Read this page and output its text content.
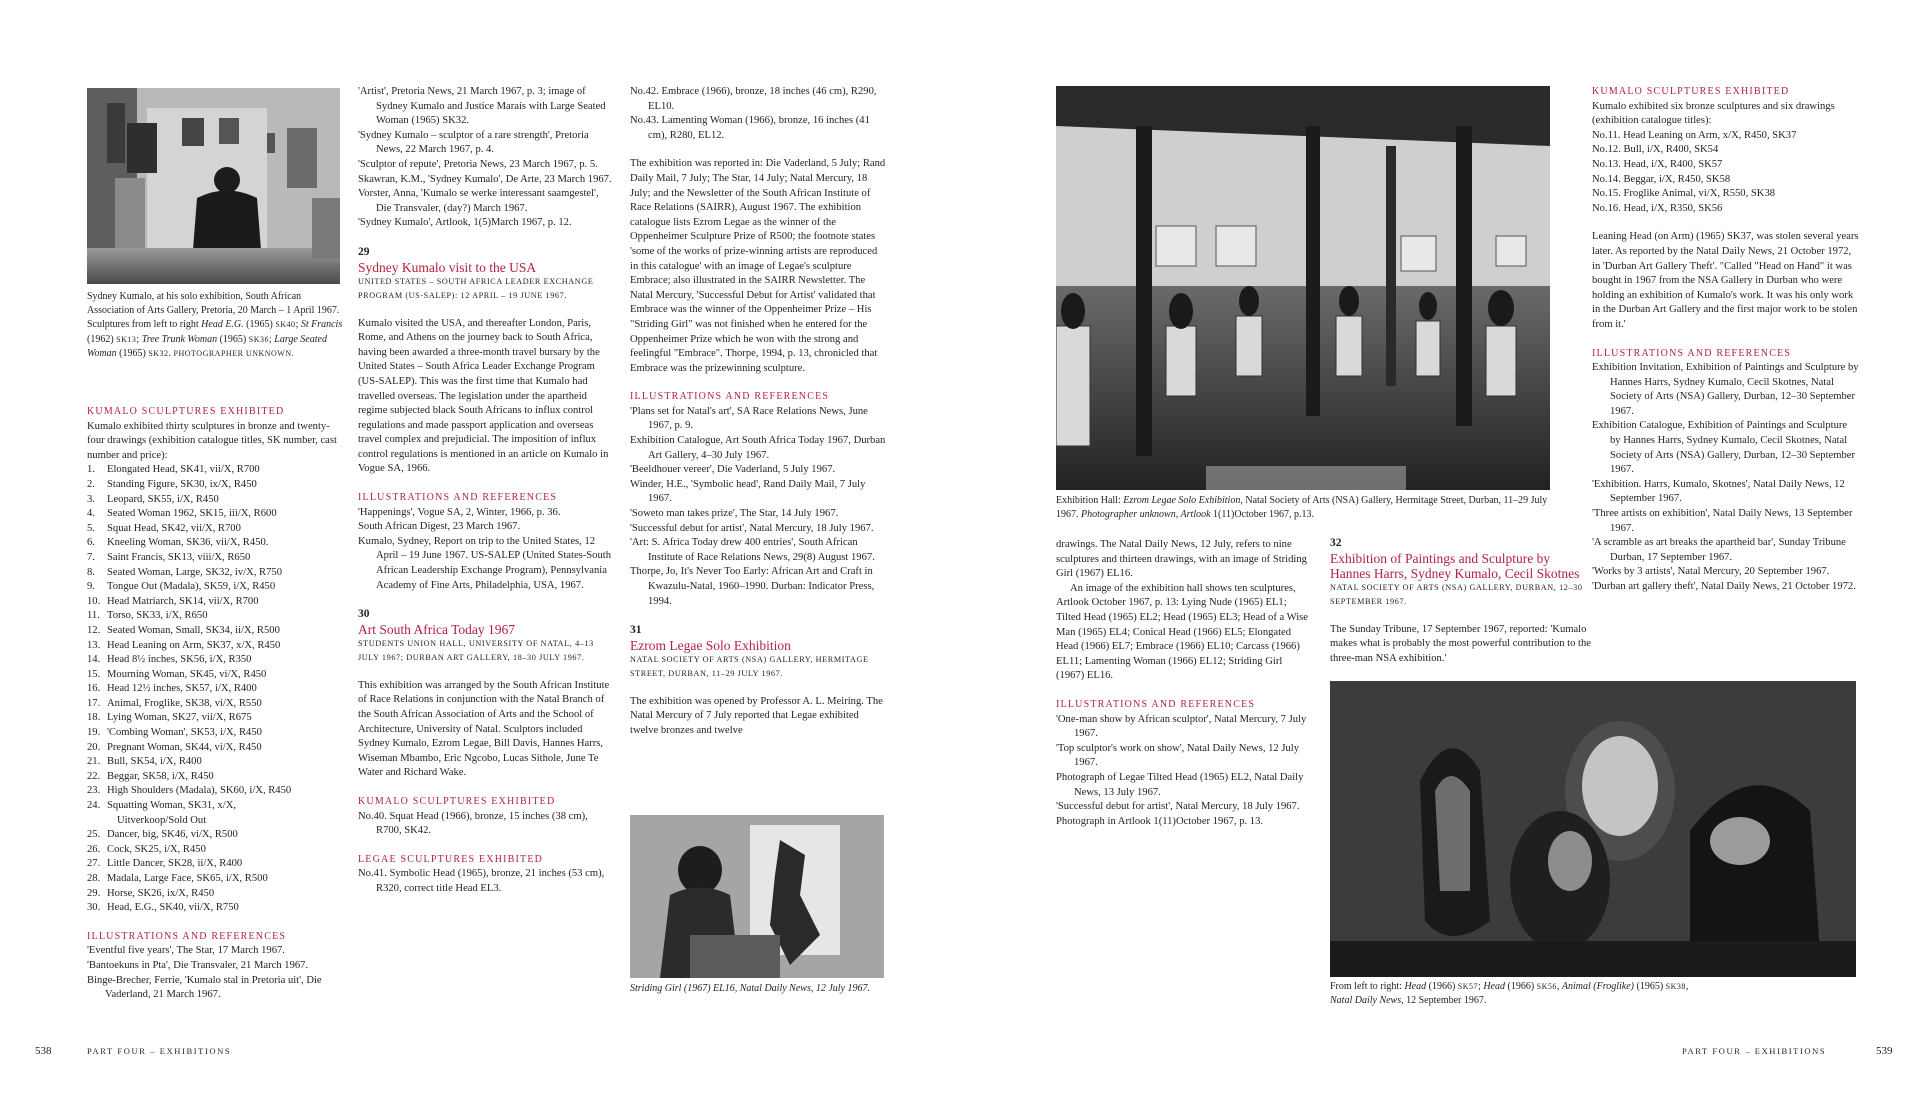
Sydney Kumalo, at his solo exhibition, South African Association of Arts Gallery, Pretoria, 20 March – 1 April 1967. Sculptures from left to right Head E.G. (1965) SK40; St Francis (1962) SK13; Tree Trunk Woman (1965) SK36; Large Seated Woman (1965) SK32. PHOTOGRAPHER UNKNOWN.

KUMALO SCULPTURES EXHIBITED

Kumalo exhibited thirty sculptures in bronze and twenty-four drawings (exhibition catalogue titles, SK number, cast number and price):

1.	Elongated Head, SK41, vii/X, R700
2.	Standing Figure, SK30, ix/X, R450
3.	Leopard, SK55, i/X, R450
4.	Seated Woman 1962, SK15, iii/X, R600
5.	Squat Head, SK42, vii/X, R700
6.	Kneeling Woman, SK36, vii/X, R450.
7.	Saint Francis, SK13, viii/X, R650
8.	Seated Woman, Large, SK32, iv/X, R750
9.	Tongue Out (Madala), SK59, i/X, R450
10. Head Matriarch, SK14, vii/X, R700
11. Torso, SK33, i/X, R650
12. Seated Woman, Small, SK34, ii/X, R500
13. Head Leaning on Arm, SK37, x/X, R450
14. Head 8½ inches, SK56, i/X, R350
15. Mourning Woman, SK45, vi/X, R450
16. Head 12½ inches, SK57, i/X, R400
17. Animal, Froglike, SK38, vi/X, R550
18. Lying Woman, SK27, vii/X, R675
19. 'Combing Woman', SK53, i/X, R450
20. Pregnant Woman, SK44, vi/X, R450
21. Bull, SK54, i/X, R400
22. Beggar, SK58, i/X, R450
23. High Shoulders (Madala), SK60, i/X, R450
24. Squatting Woman, SK31, x/X,
Uitverkoop/Sold Out
25. Dancer, big, SK46, vi/X, R500
26. Cock, SK25, i/X, R450
27. Little Dancer, SK28, ii/X, R400
28. Madala, Large Face, SK65, i/X, R500
29. Horse, SK26, ix/X, R450
30. Head, E.G., SK40, vii/X, R750

ILLUSTRATIONS AND REFERENCES

'Eventful five years', The Star, 17 March 1967.

'Bantoekuns in Pta', Die Transvaler, 21 March 1967.

Binge-Brecher, Ferrie, 'Kumalo stal in Pretoria uit', Die Vaderland, 21 March 1967.

'Artist', Pretoria News, 21 March 1967, p. 3; image of Sydney Kumalo and Justice Marais with Large Seated Woman (1965) SK32.

'Sydney Kumalo – sculptor of a rare strength', Pretoria News, 22 March 1967, p. 4.

'Sculptor of repute', Pretoria News, 23 March 1967, p. 5.

Skawran, K.M., 'Sydney Kumalo', De Arte, 23 March 1967.

Vorster, Anna, 'Kumalo se werke interessant saamgestel', Die Transvaler, (day?) March 1967.

'Sydney Kumalo', Artlook, 1(5)March 1967, p. 12.

29

Sydney Kumalo visit to the USA

UNITED STATES – SOUTH AFRICA LEADER EXCHANGE PROGRAM (US-SALEP): 12 APRIL – 19 JUNE 1967.

Kumalo visited the USA, and thereafter London, Paris, Rome, and Athens on the journey back to South Africa, having been awarded a three-month travel bursary by the United States – South Africa Leader Exchange Program (US-SALEP). This was the first time that Kumalo had travelled overseas. The legislation under the apartheid regime subjected black South Africans to influx control regulations and made passport application and overseas travel complex and prejudicial. The imposition of influx control regulations is mentioned in an article on Kumalo in Vogue SA, 1966.

ILLUSTRATIONS AND REFERENCES

'Happenings', Vogue SA, 2, Winter, 1966, p. 36.

South African Digest, 23 March 1967.

Kumalo, Sydney, Report on trip to the United States, 12 April – 19 June 1967. US-SALEP (United States-South African Leadership Exchange Program), Pennsylvania Academy of Fine Arts, Philadelphia, USA, 1967.

30

Art South Africa Today 1967

STUDENTS UNION HALL, UNIVERSITY OF NATAL, 4–13 JULY 1967; DURBAN ART GALLERY, 18–30 JULY 1967.

This exhibition was arranged by the South African Institute of Race Relations in conjunction with the Natal Branch of the South African Association of Arts and the School of Architecture, University of Natal. Sculptors included Sydney Kumalo, Ezrom Legae, Bill Davis, Hannes Harrs, Wiseman Mbambo, Eric Ngcobo, Lucas Sithole, June Te Water and Richard Wake.

KUMALO SCULPTURES EXHIBITED

No.40. Squat Head (1966), bronze, 15 inches (38 cm), R700, SK42.

LEGAE SCULPTURES EXHIBITED

No.41. Symbolic Head (1965), bronze, 21 inches (53 cm), R320, correct title Head EL3.

No.42. Embrace (1966), bronze, 18 inches (46 cm), R290, EL10.

No.43. Lamenting Woman (1966), bronze, 16 inches (41 cm), R280, EL12.

The exhibition was reported in: Die Vaderland, 5 July; Rand Daily Mail, 7 July; The Star, 14 July; Natal Mercury, 18 July; and the Newsletter of the South African Institute of Race Relations (SAIRR), August 1967. The exhibition catalogue lists Ezrom Legae as the winner of the Oppenheimer Sculpture Prize of R500; the footnote states 'some of the works of prize-winning artists are reproduced in this catalogue' with an image of Legae's sculpture Embrace; also illustrated in the SAIRR Newsletter. The Natal Mercury, 'Successful Debut for Artist' validated that Embrace was the winner of the Oppenheimer Prize – His "Striding Girl" was not finished when he entered for the Oppenheimer Prize which he won with the strong and feelingful "Embrace". Thorpe, 1994, p. 13, chronicled that Embrace was the prizewinning sculpture.

ILLUSTRATIONS AND REFERENCES

'Plans set for Natal's art', SA Race Relations News, June 1967, p. 9.

Exhibition Catalogue, Art South Africa Today 1967, Durban Art Gallery, 4–30 July 1967.

'Beeldhouer vereer', Die Vaderland, 5 July 1967.

Winder, H.E., 'Symbolic head', Rand Daily Mail, 7 July 1967.

'Soweto man takes prize', The Star, 14 July 1967.

'Successful debut for artist', Natal Mercury, 18 July 1967.

'Art: S. Africa Today drew 400 entries', South African Institute of Race Relations News, 29(8) August 1967.

Thorpe, Jo, It's Never Too Early: African Art and Craft in Kwazulu-Natal, 1960–1990. Durban: Indicator Press, 1994.

31

Ezrom Legae Solo Exhibition

NATAL SOCIETY OF ARTS (NSA) GALLERY, HERMITAGE STREET, DURBAN, 11–29 JULY 1967.

The exhibition was opened by Professor A. L. Meiring. The Natal Mercury of 7 July reported that Legae exhibited twelve bronzes and twelve

Striding Girl (1967) EL16, Natal Daily News, 12 July 1967.
538	PART FOUR – EXHIBITIONS
Exhibition Hall: Ezrom Legae Solo Exhibition, Natal Society of Arts (NSA) Gallery, Hermitage Street, Durban, 11–29 July 1967. Photographer unknown, Artlook 1(11)October 1967, p.13.

drawings. The Natal Daily News, 12 July, refers to nine sculptures and thirteen drawings, with an image of Striding Girl (1967) EL16.

An image of the exhibition hall shows ten sculptures, Artlook October 1967, p. 13: Lying Nude (1965) EL1; Tilted Head (1965) EL2; Head (1965) EL3; Head of a Wise Man (1965) EL4; Conical Head (1966) EL5; Elongated Head (1966) EL7; Embrace (1966) EL10; Carcass (1966) EL11; Lamenting Woman (1966) EL12; Striding Girl (1967) EL16.

ILLUSTRATIONS AND REFERENCES

'One-man show by African sculptor', Natal Mercury, 7 July 1967.

'Top sculptor's work on show', Natal Daily News, 12 July 1967.

Photograph of Legae Tilted Head (1965) EL2, Natal Daily News, 13 July 1967.

'Successful debut for artist', Natal Mercury, 18 July 1967.

Photograph in Artlook 1(11)October 1967, p. 13.

32

Exhibition of Paintings and Sculpture by Hannes Harrs, Sydney Kumalo, Cecil Skotnes

NATAL SOCIETY OF ARTS (NSA) GALLERY, DURBAN, 12–30 SEPTEMBER 1967.

The Sunday Tribune, 17 September 1967, reported: 'Kumalo makes what is probably the most powerful contribution to the three-man NSA exhibition.'

From left to right: Head (1966) SK57; Head (1966) SK56, Animal (Froglike) (1965) SK38,
Natal Daily News, 12 September 1967.

KUMALO SCULPTURES EXHIBITED

Kumalo exhibited six bronze sculptures and six drawings (exhibition catalogue titles):

No.11. Head Leaning on Arm, x/X, R450, SK37

No.12. Bull, i/X, R400, SK54

No.13. Head, i/X, R400, SK57

No.14. Beggar, i/X, R450, SK58

No.15. Froglike Animal, vi/X, R550, SK38

No.16. Head, i/X, R350, SK56

Leaning Head (on Arm) (1965) SK37, was stolen several years later. As reported by the Natal Daily News, 21 October 1972, in 'Durban Art Gallery Theft'. "Called "Head on Hand" it was bought in 1967 from the NSA Gallery in Durban who were holding an exhibition of Kumalo's work. It was his only work in the Durban Art Gallery and the first major work to be stolen from it.'

ILLUSTRATIONS AND REFERENCES

Exhibition Invitation, Exhibition of Paintings and Sculpture by Hannes Harrs, Sydney Kumalo, Cecil Skotnes, Natal Society of Arts (NSA) Gallery, Durban, 12–30 September 1967.

Exhibition Catalogue, Exhibition of Paintings and Sculpture by Hannes Harrs, Sydney Kumalo, Cecil Skotnes, Natal Society of Arts (NSA) Gallery, Durban, 12–30 September 1967.

'Exhibition. Harrs, Kumalo, Skotnes', Natal Daily News, 12 September 1967.

'Three artists on exhibition', Natal Daily News, 13 September 1967.

'A scramble as art breaks the apartheid bar', Sunday Tribune Durban, 17 September 1967.

'Works by 3 artists', Natal Mercury, 20 September 1967.

'Durban art gallery theft', Natal Daily News, 21 October 1972.

PART FOUR – EXHIBITIONS	539
